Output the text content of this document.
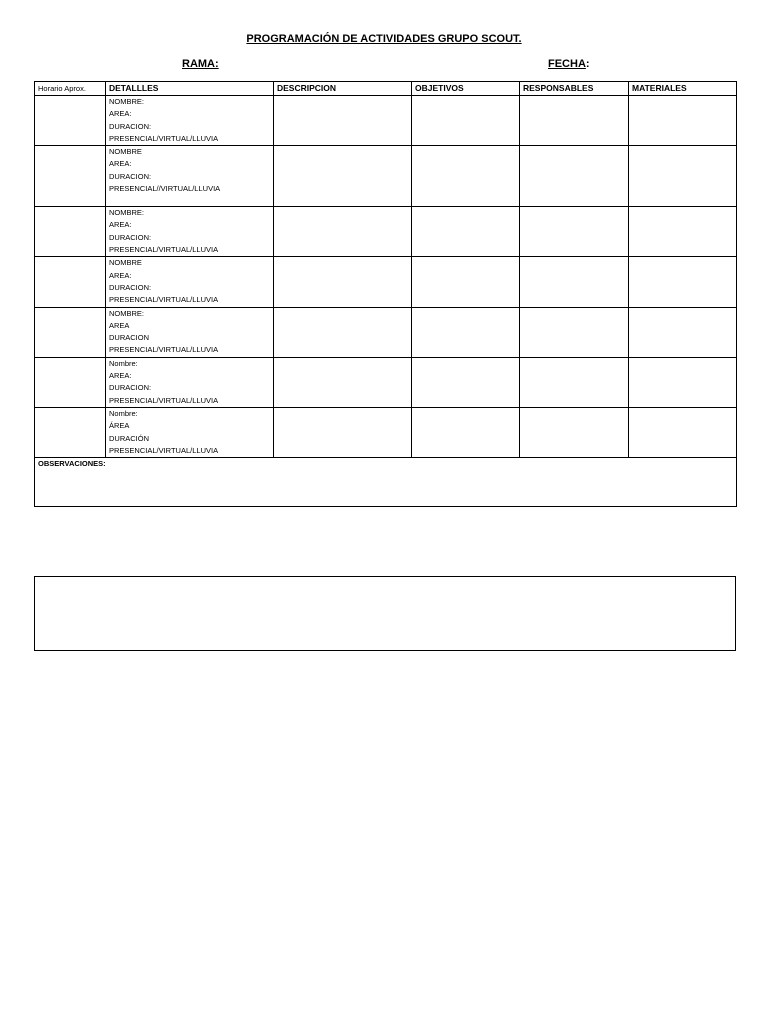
PROGRAMACIÓN DE ACTIVIDADES GRUPO SCOUT.
RAMA:	FECHA:
Horario Aprox.	DETALLLES	DESCRIPCION	OBJETIVOS	RESPONSABLES	MATERIALES

	NOMBRE:
AREA:
DURACION:
PRESENCIAL/VIRTUAL/LLUVIA				

	NOMBRE
AREA:
DURACION:
PRESENCIAL//VIRTUAL/LLUVIA				

	NOMBRE:
AREA:
DURACION:
PRESENCIAL/VIRTUAL/LLUVIA				

	NOMBRE
AREA:
DURACION:
PRESENCIAL/VIRTUAL/LLUVIA				

	NOMBRE:
AREA
DURACION
PRESENCIAL/VIRTUAL/LLUVIA				

	Nombre:
AREA:
DURACION:
PRESENCIAL/VIRTUAL/LLUVIA				

	Nombre:
ÁREA
DURACIÓN
PRESENCIAL/VIRTUAL/LLUVIA				

OBSERVACIONES:					
